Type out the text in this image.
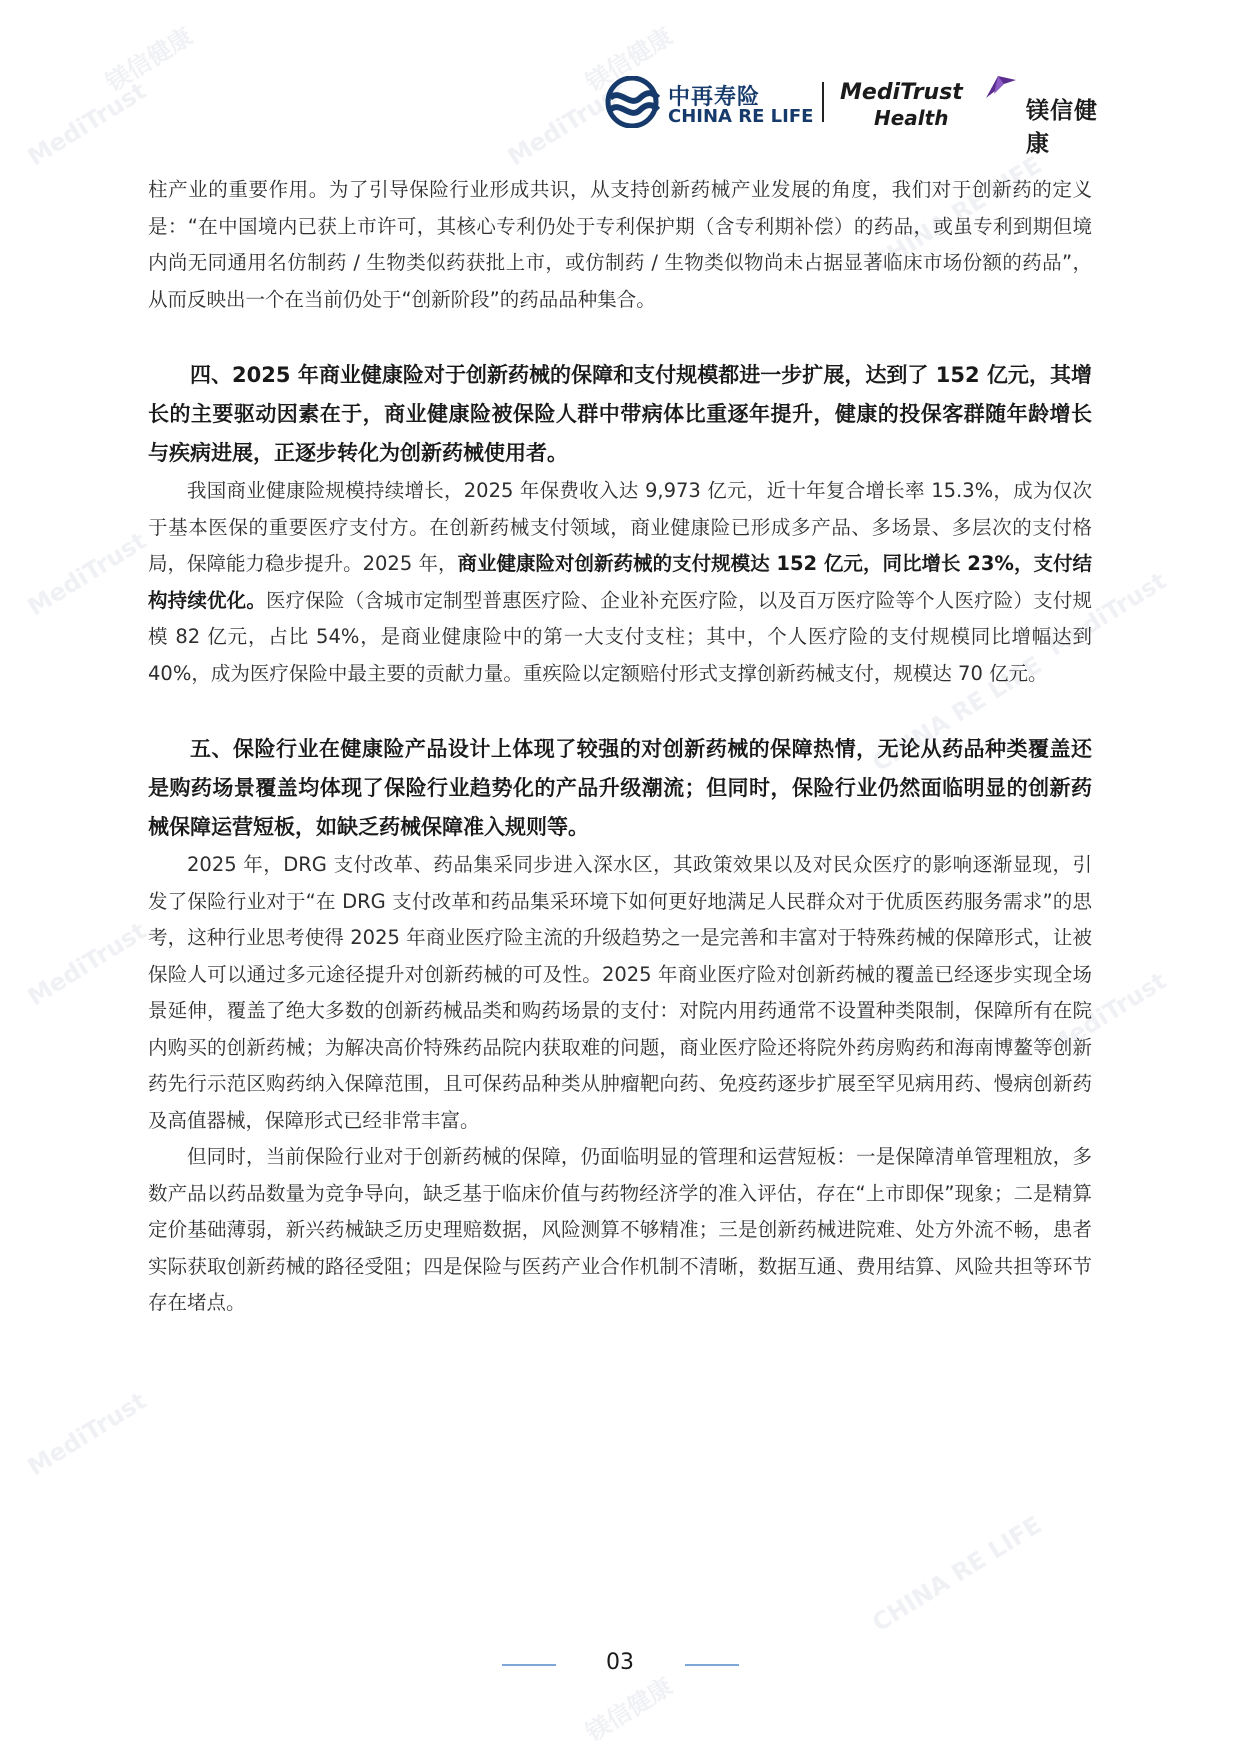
镁信健康	镁信健康
MediTrust	MediTrust
CHINA RE LIFE
MediTrust	MediTrust
CHINA RE LIFE
MediTrust
MediTrust
MediTrust
CHINA RE LIFE
镁信健康
中再寿险
CHINA RE LIFE
MediTrust
Health	镁信健康

柱产业的重要作用。为了引导保险行业形成共识，从支持创新药械产业发展的角度，我们对于创新药的定义是：“在中国境内已获上市许可，其核心专利仍处于专利保护期（含专利期补偿）的药品，或虽专利到期但境内尚无同通用名仿制药 / 生物类似药获批上市，或仿制药 / 生物类似物尚未占据显著临床市场份额的药品”，从而反映出一个在当前仍处于“创新阶段”的药品品种集合。

四、2025 年商业健康险对于创新药械的保障和支付规模都进一步扩展，达到了 152 亿元，其增长的主要驱动因素在于，商业健康险被保险人群中带病体比重逐年提升，健康的投保客群随年龄增长与疾病进展，正逐步转化为创新药械使用者。

我国商业健康险规模持续增长，2025 年保费收入达 9,973 亿元，近十年复合增长率 15.3%，成为仅次于基本医保的重要医疗支付方。在创新药械支付领域，商业健康险已形成多产品、多场景、多层次的支付格局，保障能力稳步提升。2025 年，商业健康险对创新药械的支付规模达 152 亿元，同比增长 23%，支付结构持续优化。医疗保险（含城市定制型普惠医疗险、企业补充医疗险，以及百万医疗险等个人医疗险）支付规模 82 亿元，占比 54%，是商业健康险中的第一大支付支柱；其中，个人医疗险的支付规模同比增幅达到 40%，成为医疗保险中最主要的贡献力量。重疾险以定额赔付形式支撑创新药械支付，规模达 70 亿元。

五、保险行业在健康险产品设计上体现了较强的对创新药械的保障热情，无论从药品种类覆盖还是购药场景覆盖均体现了保险行业趋势化的产品升级潮流；但同时，保险行业仍然面临明显的创新药械保障运营短板，如缺乏药械保障准入规则等。

2025 年，DRG 支付改革、药品集采同步进入深水区，其政策效果以及对民众医疗的影响逐渐显现，引发了保险行业对于“在 DRG 支付改革和药品集采环境下如何更好地满足人民群众对于优质医药服务需求”的思考，这种行业思考使得 2025 年商业医疗险主流的升级趋势之一是完善和丰富对于特殊药械的保障形式，让被保险人可以通过多元途径提升对创新药械的可及性。2025 年商业医疗险对创新药械的覆盖已经逐步实现全场景延伸，覆盖了绝大多数的创新药械品类和购药场景的支付：对院内用药通常不设置种类限制，保障所有在院内购买的创新药械；为解决高价特殊药品院内获取难的问题，商业医疗险还将院外药房购药和海南博鳌等创新药先行示范区购药纳入保障范围，且可保药品种类从肿瘤靶向药、免疫药逐步扩展至罕见病用药、慢病创新药及高值器械，保障形式已经非常丰富。

但同时，当前保险行业对于创新药械的保障，仍面临明显的管理和运营短板：一是保障清单管理粗放，多数产品以药品数量为竞争导向，缺乏基于临床价值与药物经济学的准入评估，存在“上市即保”现象；二是精算定价基础薄弱，新兴药械缺乏历史理赔数据，风险测算不够精准；三是创新药械进院难、处方外流不畅，患者实际获取创新药械的路径受阻；四是保险与医药产业合作机制不清晰，数据互通、费用结算、风险共担等环节存在堵点。

03
